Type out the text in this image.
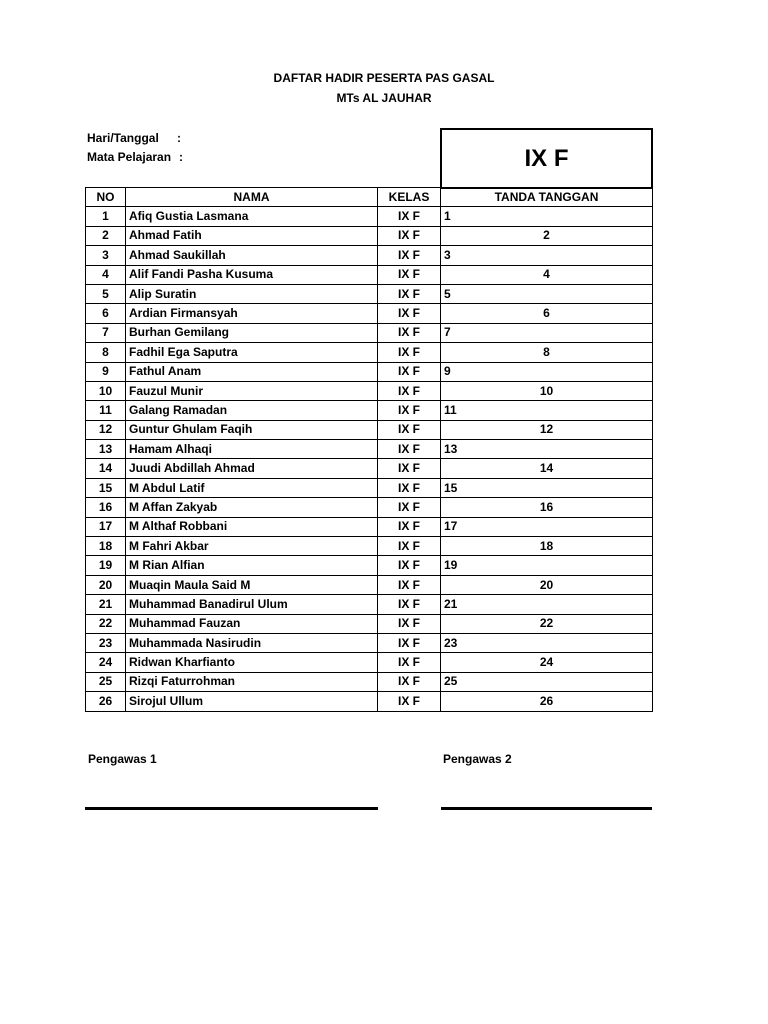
DAFTAR HADIR PESERTA PAS GASAL
MTs AL JAUHAR
Hari/Tanggal :
Mata Pelajaran :	IX F
NO	NAMA	KELAS	TANDA TANGGAN
1	Afiq Gustia Lasmana	IX F	1
2	Ahmad Fatih	IX F	2
3	Ahmad Saukillah	IX F	3
4	Alif Fandi Pasha Kusuma	IX F	4
5	Alip Suratin	IX F	5
6	Ardian Firmansyah	IX F	6
7	Burhan Gemilang	IX F	7
8	Fadhil Ega Saputra	IX F	8
9	Fathul Anam	IX F	9
10	Fauzul Munir	IX F	10
11	Galang Ramadan	IX F	11
12	Guntur Ghulam Faqih	IX F	12
13	Hamam Alhaqi	IX F	13
14	Juudi Abdillah Ahmad	IX F	14
15	M Abdul Latif	IX F	15
16	M Affan Zakyab	IX F	16
17	M Althaf Robbani	IX F	17
18	M Fahri Akbar	IX F	18
19	M Rian Alfian	IX F	19
20	Muaqin Maula Said M	IX F	20
21	Muhammad Banadirul Ulum	IX F	21
22	Muhammad Fauzan	IX F	22
23	Muhammada Nasirudin	IX F	23
24	Ridwan Kharfianto	IX F	24
25	Rizqi Faturrohman	IX F	25
26	Sirojul Ullum	IX F	26
Pengawas 1	Pengawas 2
